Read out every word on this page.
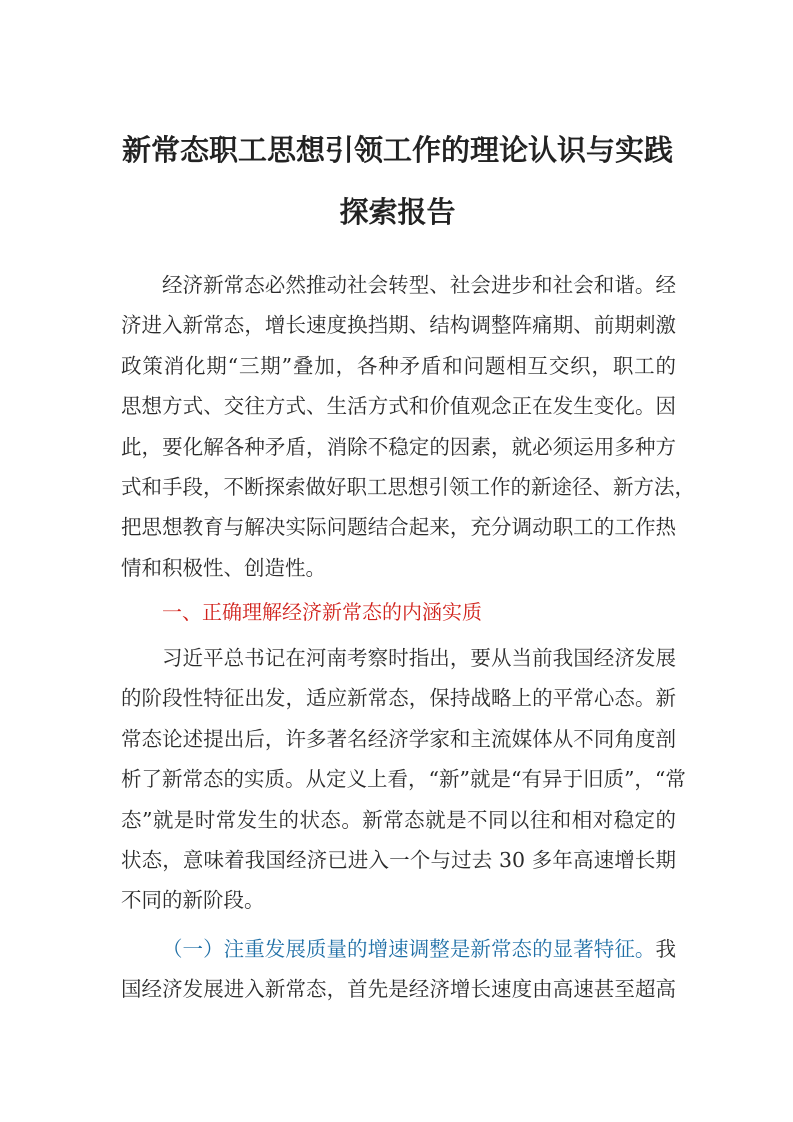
新常态职工思想引领工作的理论认识与实践
探索报告
经济新常态必然推动社会转型、社会进步和社会和谐。经
济进入新常态，增长速度换挡期、结构调整阵痛期、前期刺激
政策消化期“三期”叠加，各种矛盾和问题相互交织，职工的
思想方式、交往方式、生活方式和价值观念正在发生变化。因
此，要化解各种矛盾，消除不稳定的因素，就必须运用多种方
式和手段，不断探索做好职工思想引领工作的新途径、新方法，
把思想教育与解决实际问题结合起来，充分调动职工的工作热
情和积极性、创造性。
一、正确理解经济新常态的内涵实质
习近平总书记在河南考察时指出，要从当前我国经济发展
的阶段性特征出发，适应新常态，保持战略上的平常心态。新
常态论述提出后，许多著名经济学家和主流媒体从不同角度剖
析了新常态的实质。从定义上看，“新”就是“有异于旧质”，“常
态”就是时常发生的状态。新常态就是不同以往和相对稳定的
状态，意味着我国经济已进入一个与过去 30 多年高速增长期
不同的新阶段。
（一）注重发展质量的增速调整是新常态的显著特征。我
国经济发展进入新常态，首先是经济增长速度由高速甚至超高
